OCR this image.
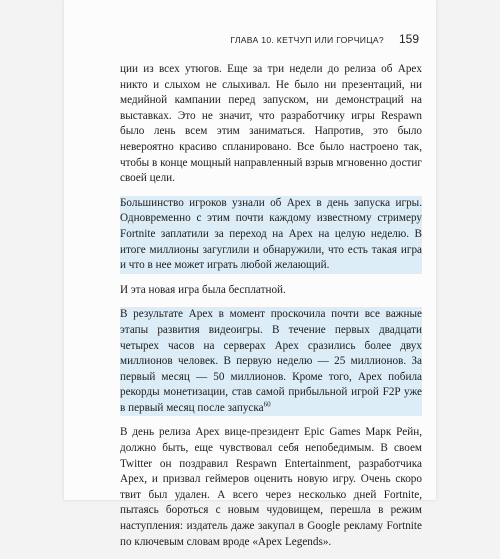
ГЛАВА 10. КЕТЧУП ИЛИ ГОРЧИЦА? 159

ции из всех утюгов. Еще за три недели до релиза об Apex никто и слыхом не слыхивал. Не было ни презентаций, ни медийной кампании перед запуском, ни демонстраций на выставках. Это не значит, что разработчику игры Respawn было лень всем этим заниматься. Напротив, это было невероятно красиво спланировано. Все было настроено так, чтобы в конце мощный направленный взрыв мгновенно достиг своей цели.

Большинство игроков узнали об Apex в день запуска игры. Одновременно с этим почти каждому известному стримеру Fortnite заплатили за переход на Apex на целую неделю. В итоге миллионы загуглили и обнаружили, что есть такая игра и что в нее может играть любой желающий.

И эта новая игра была бесплатной.

В результате Apex в момент проскочила почти все важные этапы развития видеоигры. В течение первых двадцати четырех часов на серверах Apex сразились более двух миллионов человек. В первую неделю — 25 миллионов. За первый месяц — 50 миллионов. Кроме того, Apex побила рекорды монетизации, став самой прибыльной игрой F2P уже в первый месяц после запуска$^{60}$

В день релиза Apex вице-президент Epic Games Марк Рейн, должно быть, еще чувствовал себя непобедимым. В своем Twitter он поздравил Respawn Entertainment, разработчика Apex, и призвал геймеров оценить новую игру. Очень скоро твит был удален. А всего через несколько дней Fortnite, пытаясь бороться с новым чудовищем, перешла в режим наступления: издатель даже закупал в Google рекламу Fortnite по ключевым словам вроде «Apex Legends».
